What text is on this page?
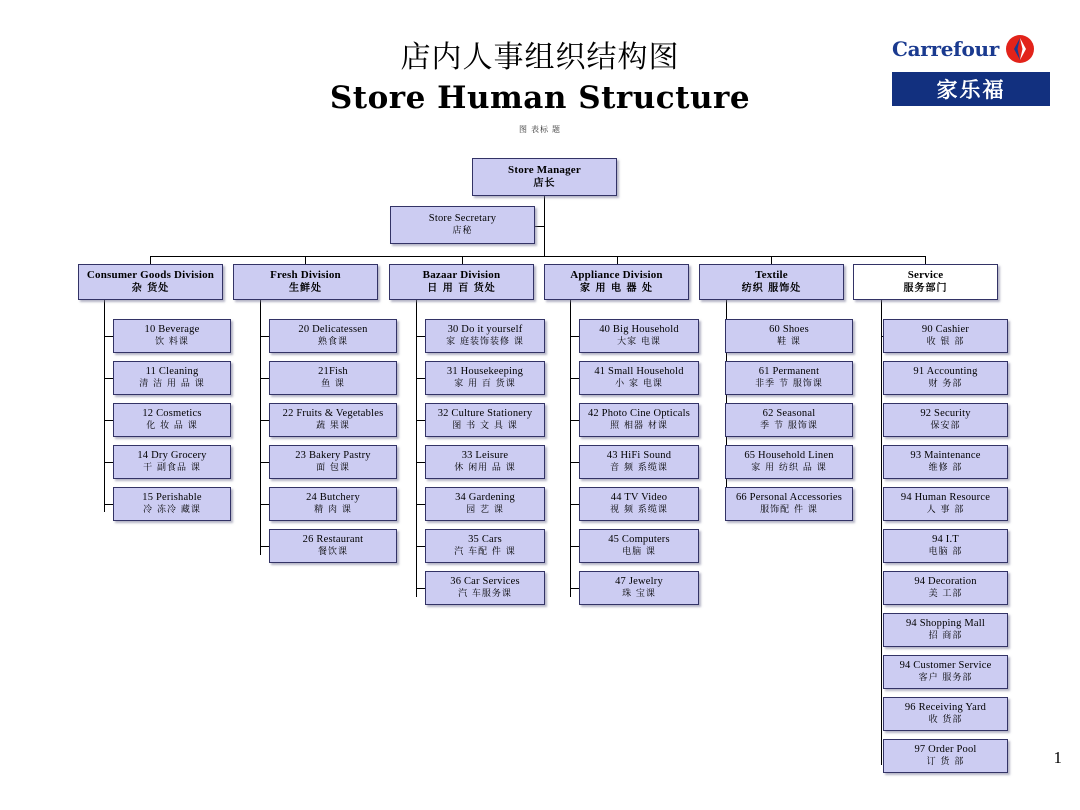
店内人事组织结构图
Store Human Structure
图 表标 题
Carrefour
家乐福
Store Manager
店长
Store Secretary
店秘
Consumer Goods Division
杂 货处
Fresh Division
生鲜处
Bazaar Division
日 用 百 货处
Appliance Division
家 用 电 器 处
Textile
纺织 服饰处
Service
服务部门
10 Beverage
饮 料课
11 Cleaning
清 洁 用 品 课
12 Cosmetics
化 妆 品 课
14 Dry Grocery
干 副食品 课
15 Perishable
冷 冻冷 藏课
20 Delicatessen
熟食课
21Fish
鱼 课
22 Fruits & Vegetables
蔬 果课
23 Bakery Pastry
面 包课
24 Butchery
精 肉 课
26 Restaurant
餐饮课
30 Do it yourself
家 庭装饰装修 课
31 Housekeeping
家 用 百 货课
32 Culture Stationery
图 书 文 具 课
33 Leisure
休 闲用 品 课
34 Gardening
园 艺 课
35 Cars
汽 车配 件 课
36 Car Services
汽 车服务课
40 Big Household
大家 电课
41 Small Household
小 家 电课
42 Photo Cine Opticals
照 相器 材课
43 HiFi Sound
音 频 系缆课
44 TV Video
视 频 系缆课
45 Computers
电脑 课
47 Jewelry
珠 宝课
60 Shoes
鞋 课
61 Permanent
非季 节 服饰课
62 Seasonal
季 节 服饰课
65 Household Linen
家 用 纺织 品 课
66 Personal Accessories
服饰配 件 课
90 Cashier
收 银 部
91 Accounting
财 务部
92 Security
保安部
93 Maintenance
维修 部
94 Human Resource
人 事 部
94 I.T
电脑 部
94 Decoration
美 工部
94 Shopping Mall
招 商部
94 Customer Service
客户 服务部
96 Receiving Yard
收 货部
97 Order Pool
订 货 部	1
